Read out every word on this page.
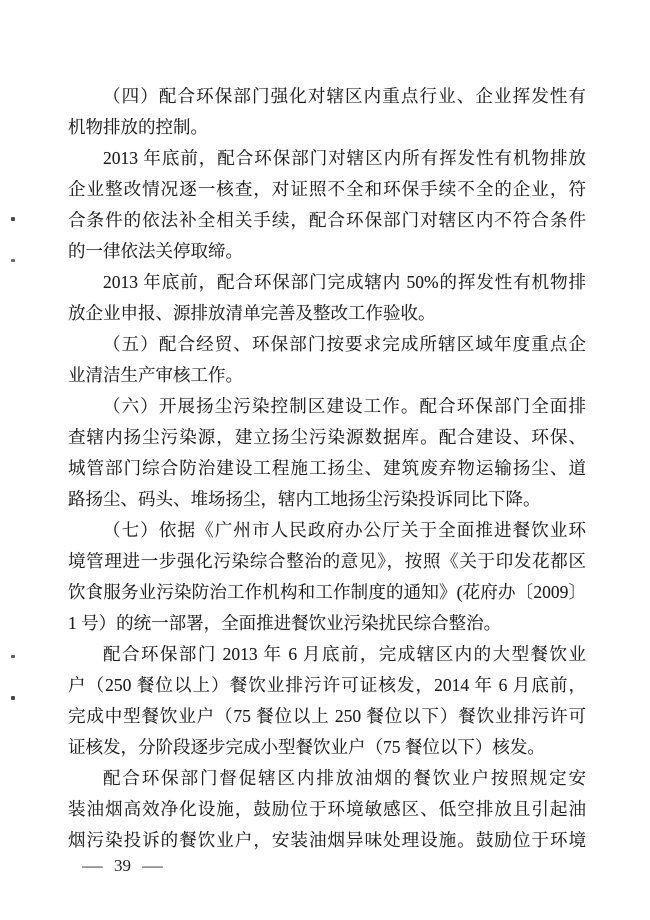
（四）配合环保部门强化对辖区内重点行业、企业挥发性有
机物排放的控制。
2013 年底前，配合环保部门对辖区内所有挥发性有机物排放
企业整改情况逐一核查，对证照不全和环保手续不全的企业，符
合条件的依法补全相关手续，配合环保部门对辖区内不符合条件
的一律依法关停取缔。
2013 年底前，配合环保部门完成辖内 50%的挥发性有机物排
放企业申报、源排放清单完善及整改工作验收。
（五）配合经贸、环保部门按要求完成所辖区域年度重点企
业清洁生产审核工作。
（六）开展扬尘污染控制区建设工作。配合环保部门全面排
查辖内扬尘污染源，建立扬尘污染源数据库。配合建设、环保、
城管部门综合防治建设工程施工扬尘、建筑废弃物运输扬尘、道
路扬尘、码头、堆场扬尘，辖内工地扬尘污染投诉同比下降。
（七）依据《广州市人民政府办公厅关于全面推进餐饮业环
境管理进一步强化污染综合整治的意见》，按照《关于印发花都区
饮食服务业污染防治工作机构和工作制度的通知》(花府办〔2009〕
1 号）的统一部署，全面推进餐饮业污染扰民综合整治。
配合环保部门 2013 年 6 月底前，完成辖区内的大型餐饮业
户（250 餐位以上）餐饮业排污许可证核发，2014 年 6 月底前，
完成中型餐饮业户（75 餐位以上 250 餐位以下）餐饮业排污许可
证核发，分阶段逐步完成小型餐饮业户（75 餐位以下）核发。
配合环保部门督促辖区内排放油烟的餐饮业户按照规定安
装油烟高效净化设施，鼓励位于环境敏感区、低空排放且引起油
烟污染投诉的餐饮业户，安装油烟异味处理设施。鼓励位于环境
— 39 —
